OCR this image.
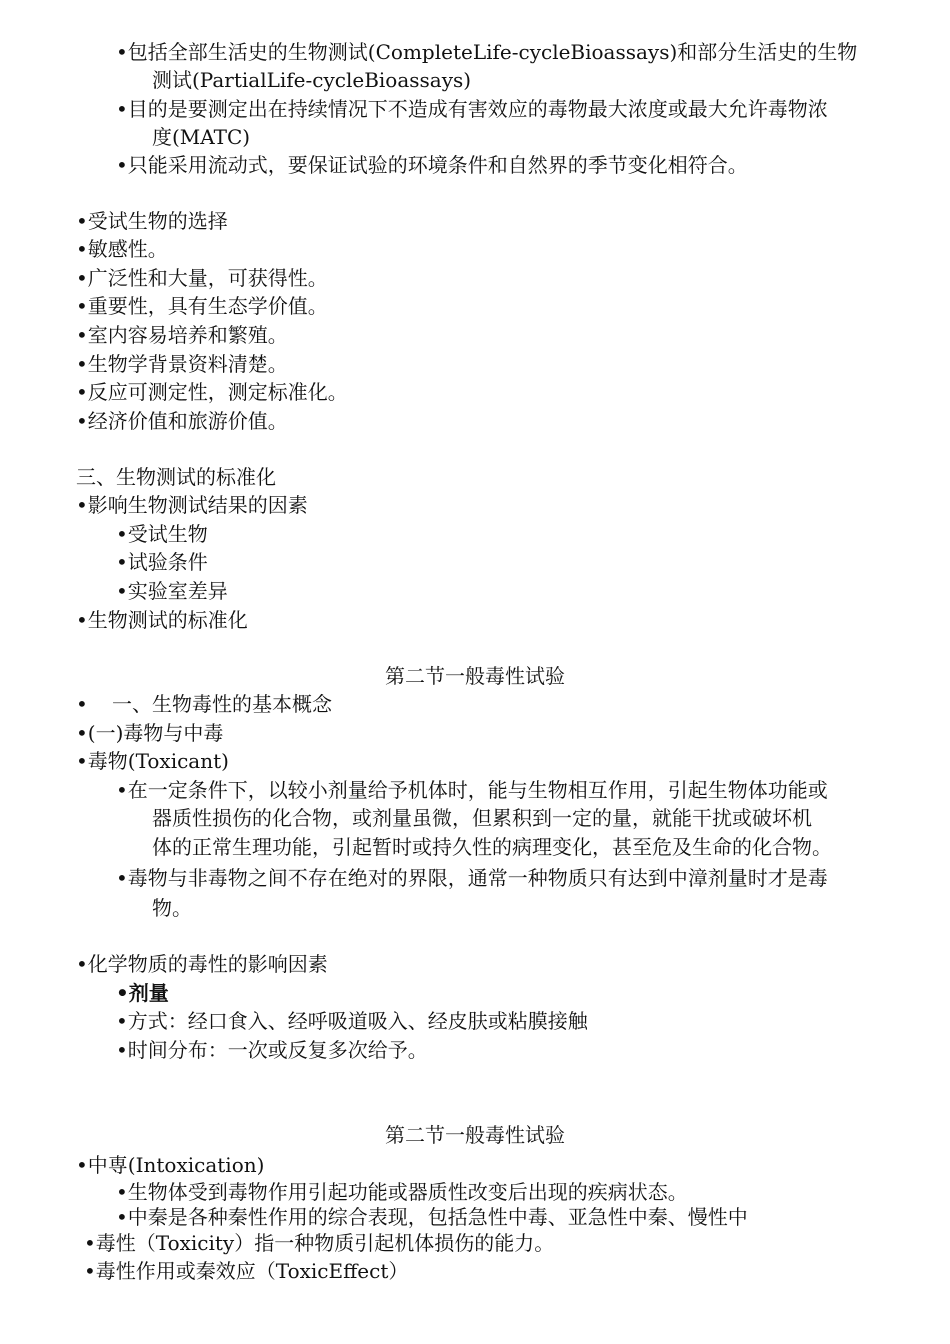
•包括全部生活史的生物测试(CompleteLife-cycleBioassays)和部分生活史的生物
测试(PartialLife-cycleBioassays)
•目的是要测定出在持续情况下不造成有害效应的毒物最大浓度或最大允许毒物浓
度(MATC)
•只能采用流动式，要保证试验的环境条件和自然界的季节变化相符合。
•受试生物的选择
•敏感性。
•广泛性和大量，可获得性。
•重要性，具有生态学价值。
•室内容易培养和繁殖。
•生物学背景资料清楚。
•反应可测定性，测定标准化。
•经济价值和旅游价值。
三、生物测试的标准化
•影响生物测试结果的因素
•受试生物
•试验条件
•实验室差异
•生物测试的标准化
第二节一般毒性试验
• 一、生物毒性的基本概念
•(一)毒物与中毒
•毒物(Toxicant)
•在一定条件下，以较小剂量给予机体时，能与生物相互作用，引起生物体功能或
器质性损伤的化合物，或剂量虽微，但累积到一定的量，就能干扰或破坏机
体的正常生理功能，引起暂时或持久性的病理变化，甚至危及生命的化合物。
•毒物与非毒物之间不存在绝对的界限，通常一种物质只有达到中漳剂量时才是毒
物。
•化学物质的毒性的影响因素
•剂量
•方式：经口食入、经呼吸道吸入、经皮肤或粘膜接触
•时间分布：一次或反复多次给予。
第二节一般毒性试验
•中専(Intoxication)
•生物体受到毒物作用引起功能或器质性改变后出现的疾病状态。
•中秦是各种秦性作用的综合表现，包括急性中毒、亚急性中秦、慢性中
•毒性（Toxicity）指一种物质引起机体损伤的能力。
•毒性作用或秦效应（ToxicEffect）
